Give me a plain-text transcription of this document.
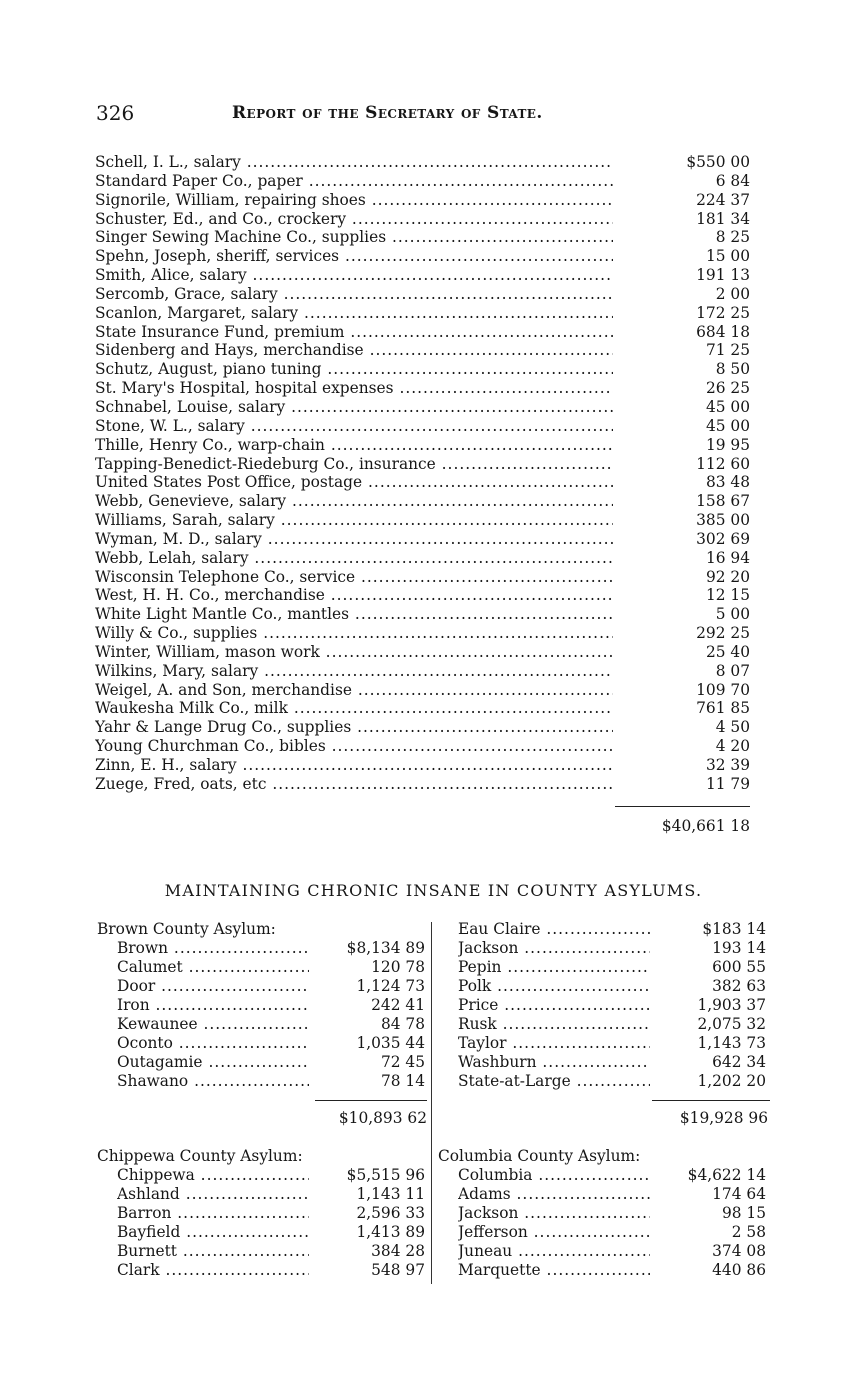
326	Report of the Secretary of State.
Schell, I. L., salary .....	$550 00
Standard Paper Co., paper .....	6 84
Signorile, William, repairing shoes .....	224 37
Schuster, Ed., and Co., crockery .....	181 34
Singer Sewing Machine Co., supplies .....	8 25
Spehn, Joseph, sheriff, services .....	15 00
Smith, Alice, salary .....	191 13
Sercomb, Grace, salary .....	2 00
Scanlon, Margaret, salary .....	172 25
State Insurance Fund, premium .....	684 18
Sidenberg and Hays, merchandise .....	71 25
Schutz, August, piano tuning .....	8 50
St. Mary's Hospital, hospital expenses .....	26 25
Schnabel, Louise, salary .....	45 00
Stone, W. L., salary .....	45 00
Thille, Henry Co., warp-chain .....	19 95
Tapping-Benedict-Riedeburg Co., insurance .....	112 60
United States Post Office, postage .....	83 48
Webb, Genevieve, salary .....	158 67
Williams, Sarah, salary .....	385 00
Wyman, M. D., salary .....	302 69
Webb, Lelah, salary .....	16 94
Wisconsin Telephone Co., service .....	92 20
West, H. H. Co., merchandise .....	12 15
White Light Mantle Co., mantles .....	5 00
Willy & Co., supplies .....	292 25
Winter, William, mason work .....	25 40
Wilkins, Mary, salary .....	8 07
Weigel, A. and Son, merchandise .....	109 70
Waukesha Milk Co., milk .....	761 85
Yahr & Lange Drug Co., supplies .....	4 50
Young Churchman Co., bibles .....	4 20
Zinn, E. H., salary .....	32 39
Zuege, Fred, oats, etc .....	11 79
$40,661 18
MAINTAINING CHRONIC INSANE IN COUNTY ASYLUMS.
Brown County Asylum:
Brown .....	$8,134 89
Calumet .....	120 78
Door .....	1,124 73
Iron .....	242 41
Kewaunee .....	84 78
Oconto .....	1,035 44
Outagamie .....	72 45
Shawano .....	78 14
$10,893 62
Eau Claire .....	$183 14
Jackson .....	193 14
Pepin .....	600 55
Polk .....	382 63
Price .....	1,903 37
Rusk .....	2,075 32
Taylor .....	1,143 73
Washburn .....	642 34
State-at-Large .....	1,202 20
$19,928 96
Chippewa County Asylum:
Chippewa .....	$5,515 96
Ashland .....	1,143 11
Barron .....	2,596 33
Bayfield .....	1,413 89
Burnett .....	384 28
Clark .....	548 97
Columbia County Asylum:
Columbia .....	$4,622 14
Adams .....	174 64
Jackson .....	98 15
Jefferson .....	2 58
Juneau .....	374 08
Marquette .....	440 86
